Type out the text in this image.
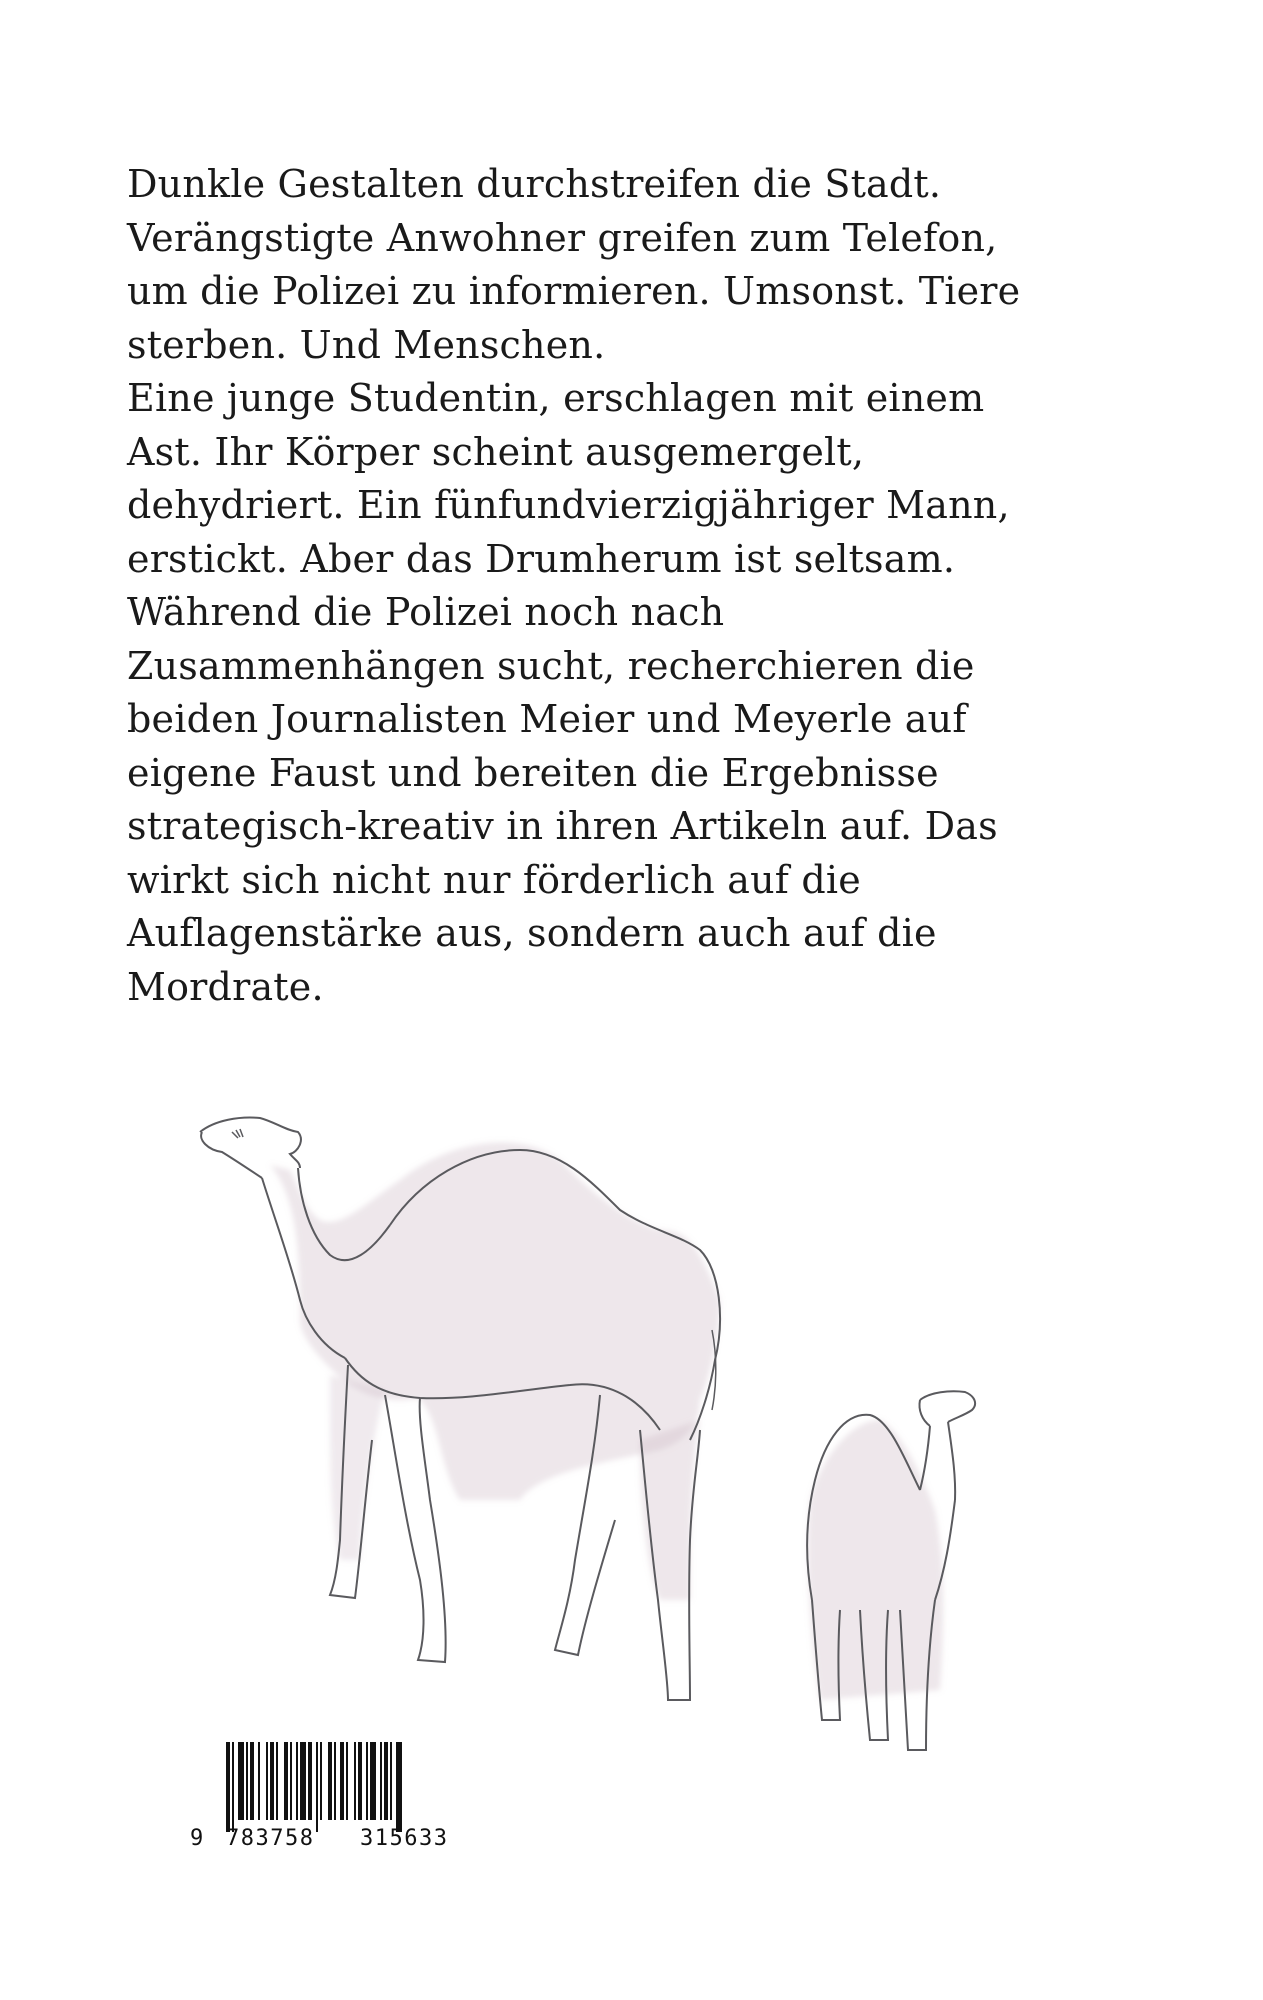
Dunkle Gestalten durchstreifen die Stadt.
Verängstigte Anwohner greifen zum Telefon,
um die Polizei zu informieren. Umsonst. Tiere
sterben. Und Menschen.
Eine junge Studentin, erschlagen mit einem
Ast. Ihr Körper scheint ausgemergelt,
dehydriert. Ein fünfundvierzigjähriger Mann,
erstickt. Aber das Drumherum ist seltsam.
Während die Polizei noch nach
Zusammenhängen sucht, recherchieren die
beiden Journalisten Meier und Meyerle auf
eigene Faust und bereiten die Ergebnisse
strategisch-kreativ in ihren Artikeln auf. Das
wirkt sich nicht nur förderlich auf die
Auflagenstärke aus, sondern auch auf die
Mordrate.
9 783758 315633
